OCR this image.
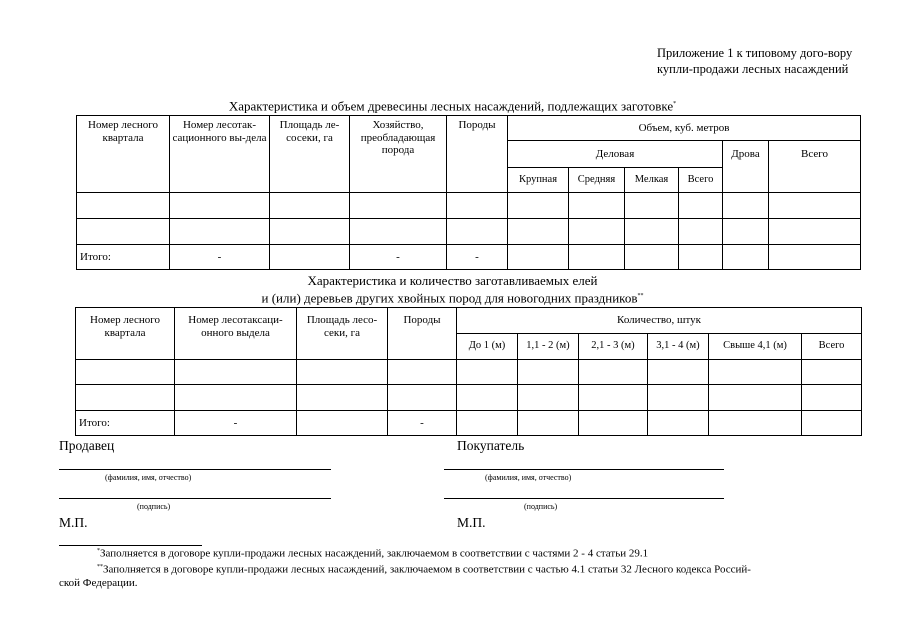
Приложение 1 к типовому дого-вору купли-продажи лесных насаждений
Характеристика и объем древесины лесных насаждений, подлежащих заготовке*
Номер лесного квартала	Номер лесотак-сационного вы-дела	Площадь ле-сосеки, га	Хозяйство, преобладающая порода	Породы	Объем, куб. метров					
					Деловая				Дрова	Всего
					Крупная	Средняя	Мелкая	Всего		

Итого:	-		-	-						
Характеристика и количество заготавливаемых елей
и (или) деревьев других хвойных пород для новогодних праздников**
Номер лесного квартала	Номер лесотаксаци-онного выдела	Площадь лесо-секи, га	Породы	Количество, штук					
				До 1 (м)	1,1 - 2 (м)	2,1 - 3 (м)	3,1 - 4 (м)	Свыше 4,1 (м)	Всего

Итого:	-		-						
Продавец
(фамилия, имя, отчество)
(подпись)
М.П.
Покупатель
(фамилия, имя, отчество)
(подпись)
М.П.
*Заполняется в договоре купли-продажи лесных насаждений, заключаемом в соответствии с частями 2 - 4 статьи 29.1
**Заполняется в договоре купли-продажи лесных насаждений, заключаемом в соответствии с частью 4.1 статьи 32 Лесного кодекса Россий-
ской Федерации.
